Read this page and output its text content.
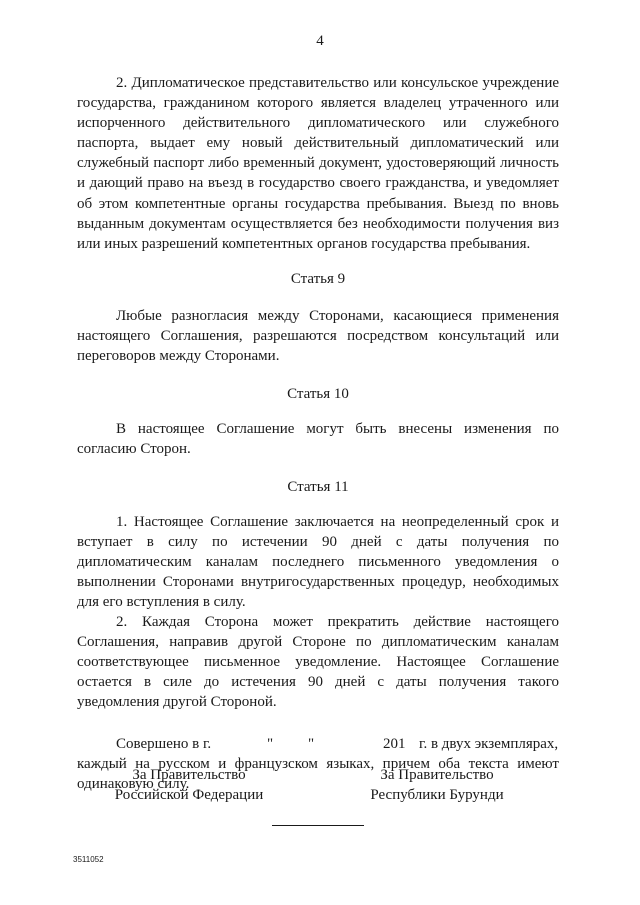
4

2. Дипломатическое представительство или консульское учреждение государства, гражданином которого является владелец утраченного или испорченного действительного дипломатического или служебного паспорта, выдает ему новый действительный дипломатический или служебный паспорт либо временный документ, удостоверяющий личность и дающий право на въезд в государство своего гражданства, и уведомляет об этом компетентные органы государства пребывания. Выезд по вновь выданным документам осуществляется без необходимости получения виз или иных разрешений компетентных органов государства пребывания.

Статья 9

Любые разногласия между Сторонами, касающиеся применения настоящего Соглашения, разрешаются посредством консультаций или переговоров между Сторонами.

Статья 10

В настоящее Соглашение могут быть внесены изменения по согласию Сторон.

Статья 11

1. Настоящее Соглашение заключается на неопределенный срок и вступает в силу по истечении 90 дней с даты получения по дипломатическим каналам последнего письменного уведомления о выполнении Сторонами внутригосударственных процедур, необходимых для его вступления в силу.

2. Каждая Сторона может прекратить действие настоящего Соглашения, направив другой Стороне по дипломатическим каналам соответствующее письменное уведомление. Настоящее Соглашение остается в силе до истечения 90 дней с даты получения такого уведомления другой Стороной.

Совершено в г.	"	"	201 г. в двух экземплярах,

каждый на русском и французском языках, причем оба текста имеют одинаковую силу.

За Правительство
Российской Федерации
За Правительство
Республики Бурунди
3511052
